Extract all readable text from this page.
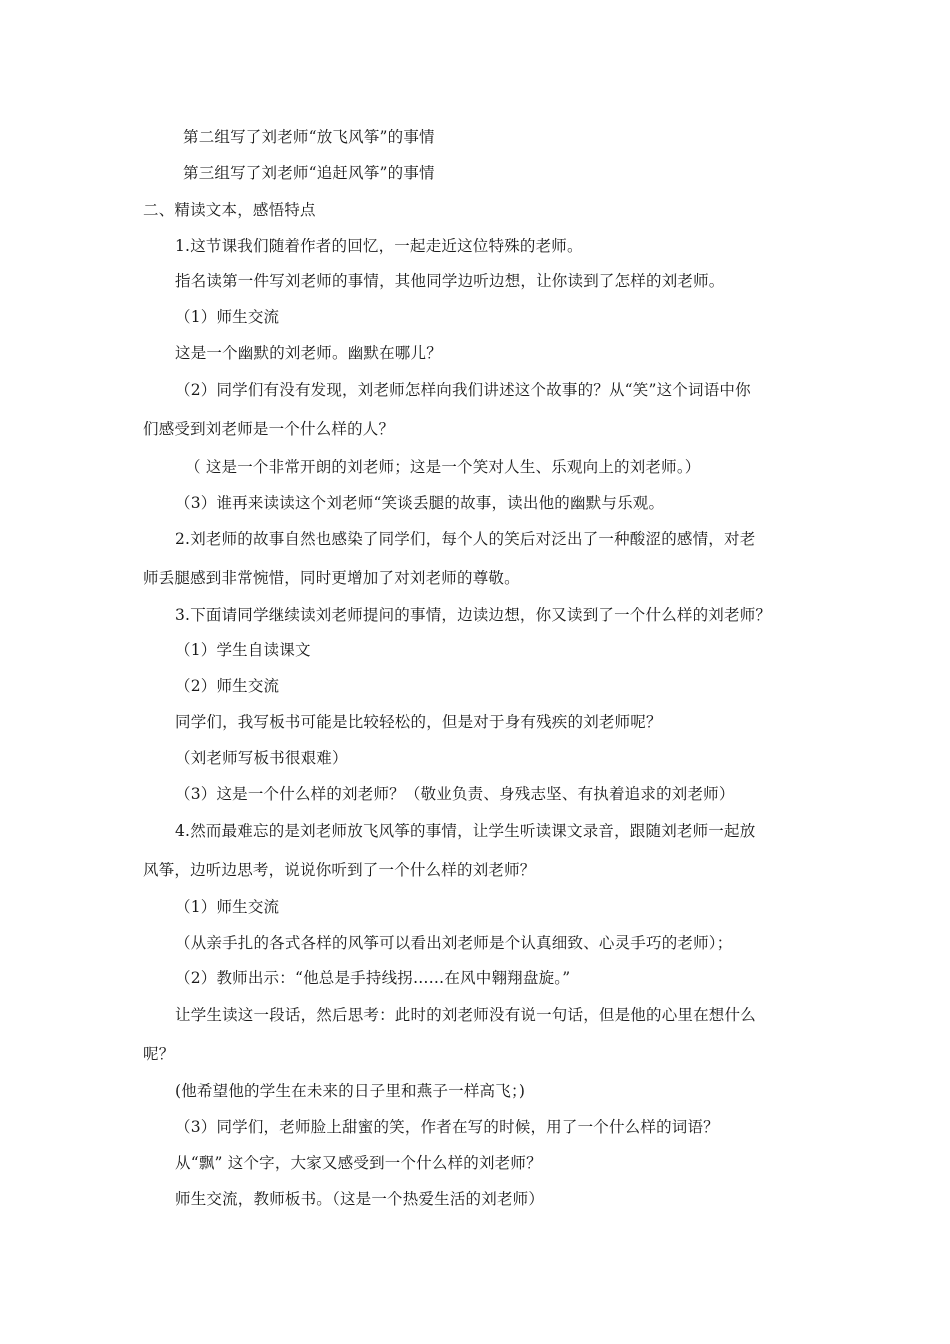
第二组写了刘老师“放飞风筝”的事情
第三组写了刘老师“追赶风筝”的事情
二、精读文本，感悟特点
1.这节课我们随着作者的回忆，一起走近这位特殊的老师。
指名读第一件写刘老师的事情，其他同学边听边想，让你读到了怎样的刘老师。
（1）师生交流
这是一个幽默的刘老师。幽默在哪儿？
（2）同学们有没有发现，刘老师怎样向我们讲述这个故事的？从“笑”这个词语中你
们感受到刘老师是一个什么样的人？
（ 这是一个非常开朗的刘老师；这是一个笑对人生、乐观向上的刘老师。）
（3）谁再来读读这个刘老师“笑谈丢腿的故事，读出他的幽默与乐观。
2.刘老师的故事自然也感染了同学们，每个人的笑后对泛出了一种酸涩的感情，对老
师丢腿感到非常惋惜，同时更增加了对刘老师的尊敬。
3.下面请同学继续读刘老师提问的事情，边读边想，你又读到了一个什么样的刘老师？
（1）学生自读课文
（2）师生交流
同学们，我写板书可能是比较轻松的，但是对于身有残疾的刘老师呢？
（刘老师写板书很艰难）
（3）这是一个什么样的刘老师？（敬业负责、身残志坚、有执着追求的刘老师）
4.然而最难忘的是刘老师放飞风筝的事情，让学生听读课文录音，跟随刘老师一起放
风筝，边听边思考，说说你听到了一个什么样的刘老师？
（1）师生交流
（从亲手扎的各式各样的风筝可以看出刘老师是个认真细致、心灵手巧的老师）；
（2）教师出示：“他总是手持线拐……在风中翱翔盘旋。”
让学生读这一段话，然后思考：此时的刘老师没有说一句话，但是他的心里在想什么
呢？
(他希望他的学生在未来的日子里和燕子一样高飞；)
（3）同学们，老师脸上甜蜜的笑，作者在写的时候，用了一个什么样的词语？
从“飘” 这个字，大家又感受到一个什么样的刘老师？
师生交流，教师板书。（这是一个热爱生活的刘老师）
